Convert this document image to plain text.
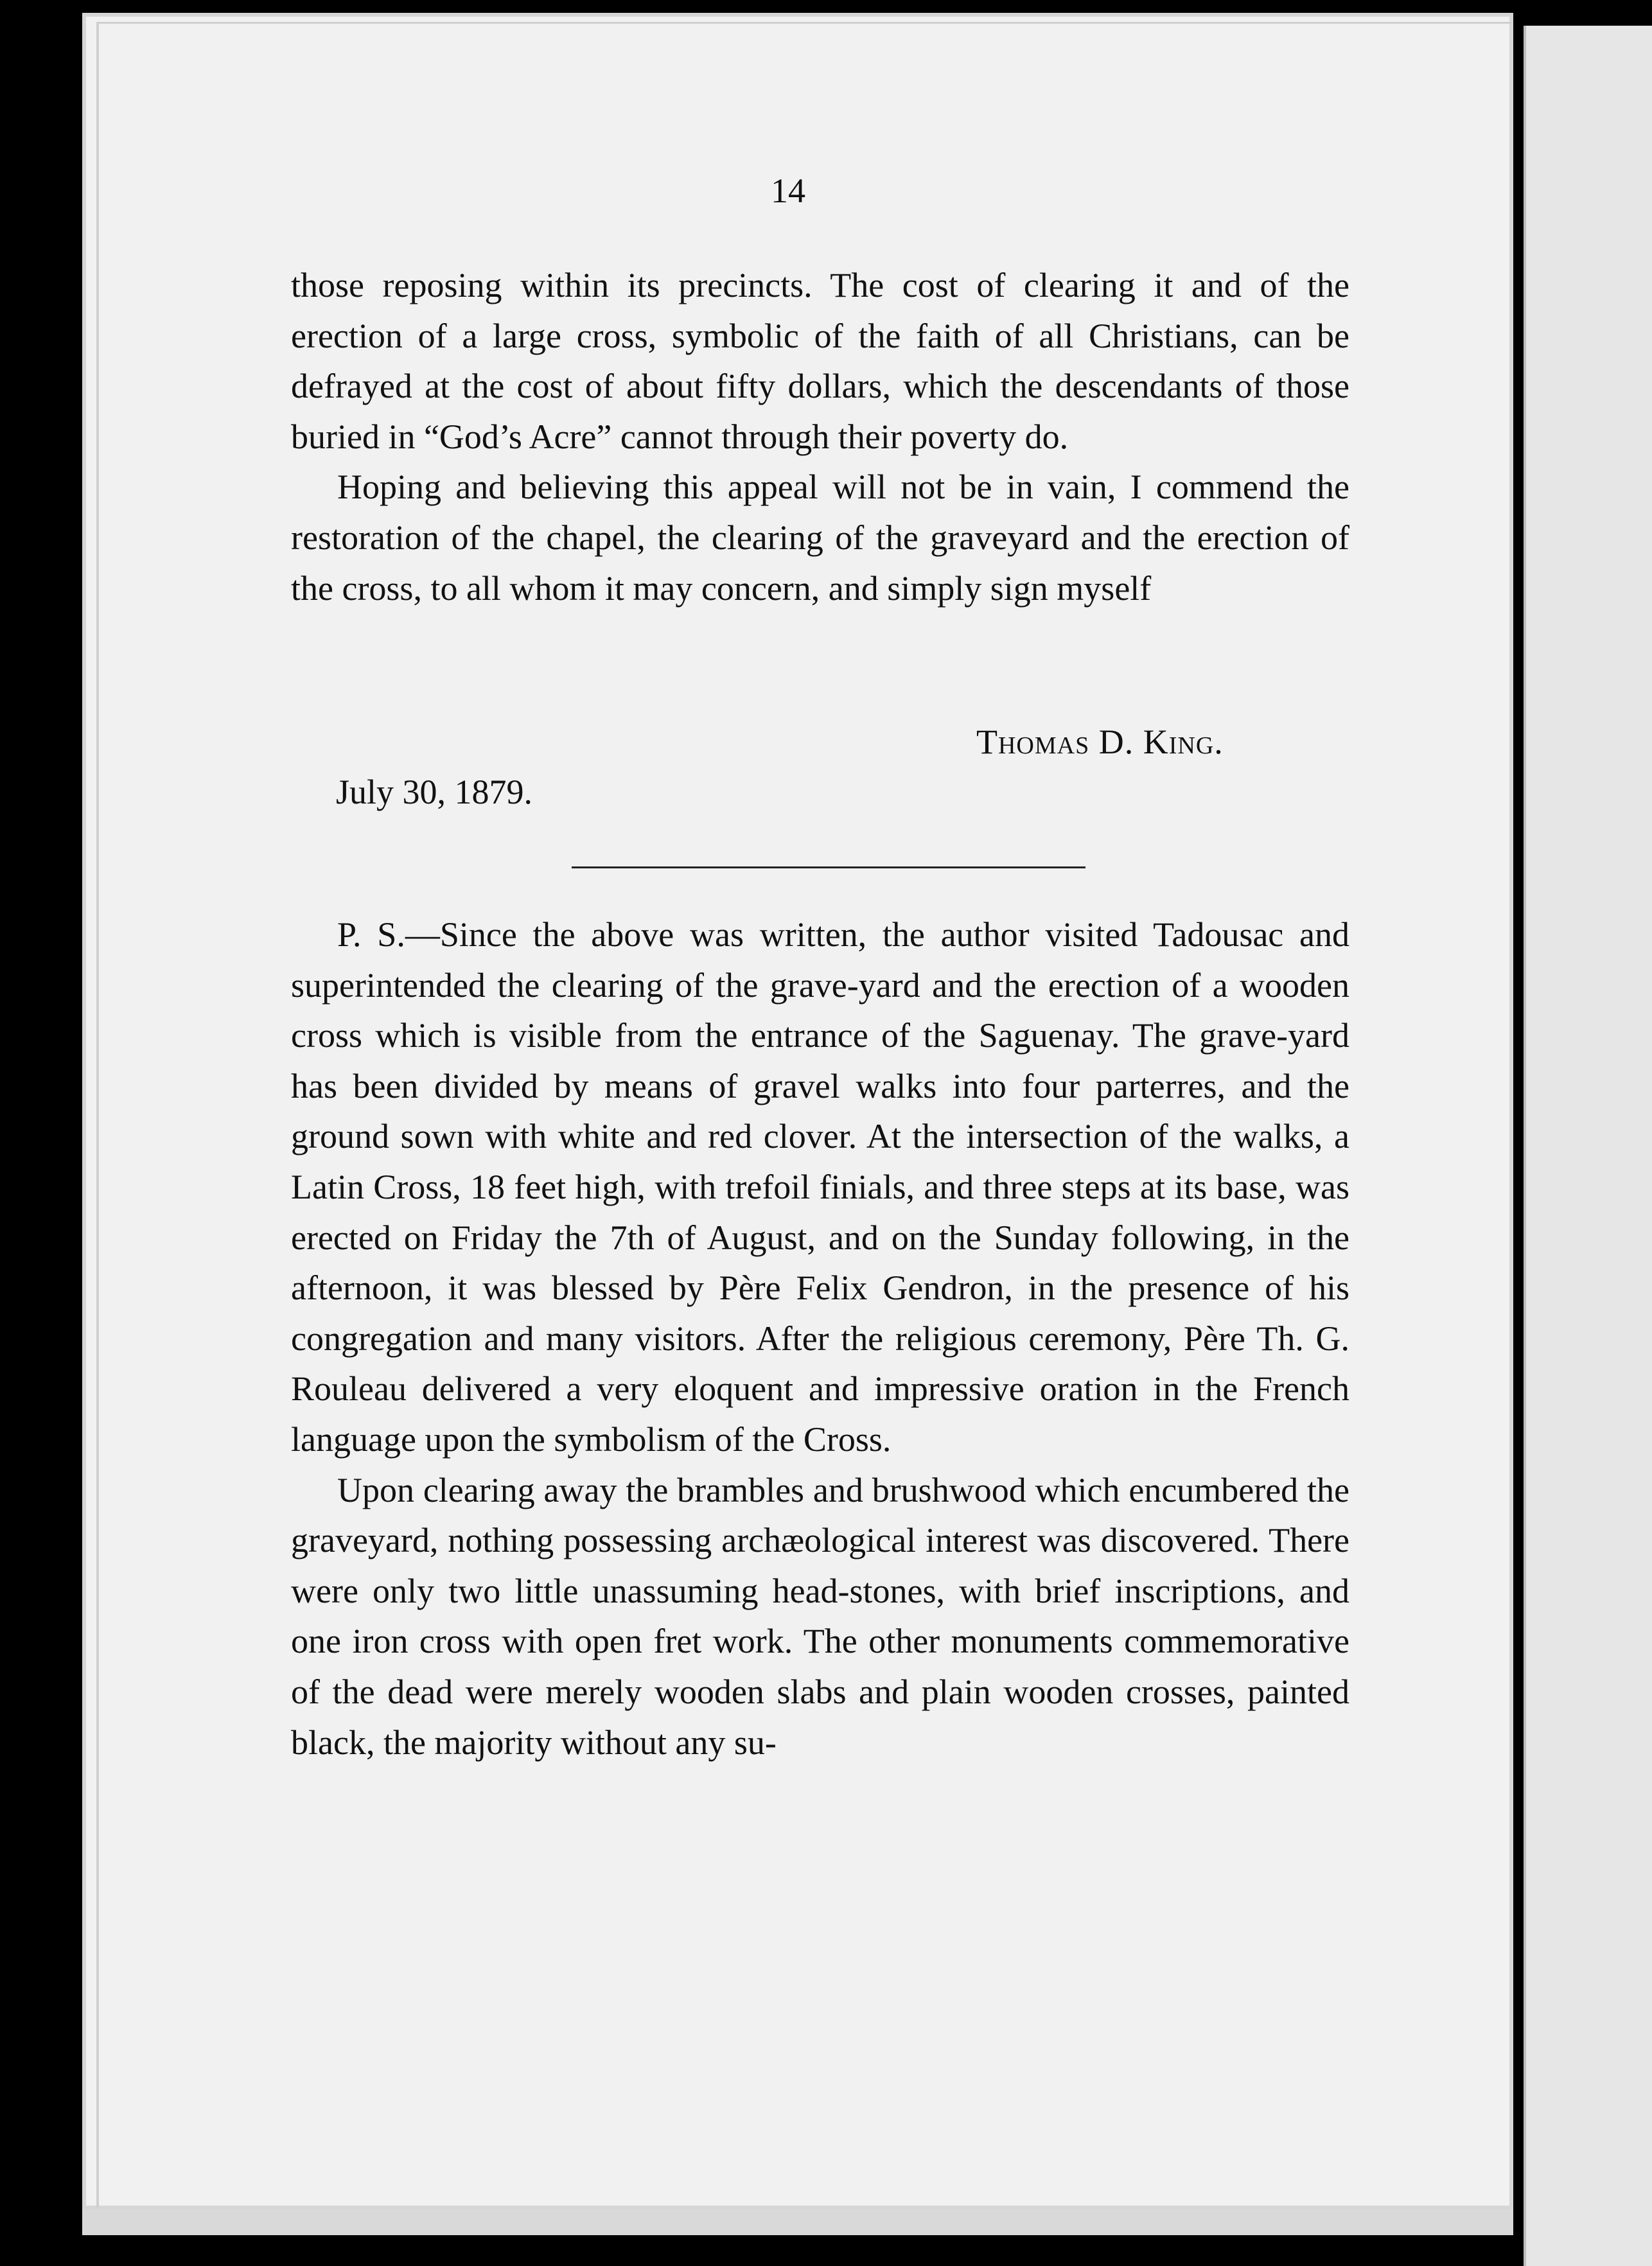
14

those reposing within its precincts. The cost of clearing it and of the erection of a large cross, symbolic of the faith of all Christians, can be defrayed at the cost of about fifty dollars, which the descendants of those buried in “God’s Acre” cannot through their poverty do.

Hoping and believing this appeal will not be in vain, I commend the restoration of the chapel, the clearing of the graveyard and the erection of the cross, to all whom it may concern, and simply sign myself

Thomas D. King.
July 30, 1879.

P. S.—Since the above was written, the author visited Tadousac and superintended the clearing of the grave-yard and the erection of a wooden cross which is visible from the entrance of the Saguenay. The grave-yard has been divided by means of gravel walks into four parterres, and the ground sown with white and red clover. At the intersection of the walks, a Latin Cross, 18 feet high, with trefoil finials, and three steps at its base, was erected on Friday the 7th of August, and on the Sunday following, in the afternoon, it was blessed by Père Felix Gendron, in the presence of his congregation and many visitors. After the religious ceremony, Père Th. G. Rouleau delivered a very eloquent and impressive oration in the French language upon the symbolism of the Cross.

Upon clearing away the brambles and brushwood which encumbered the graveyard, nothing possessing archæological interest was discovered. There were only two little unassuming head-stones, with brief inscriptions, and one iron cross with open fret work. The other monuments commemorative of the dead were merely wooden slabs and plain wooden crosses, painted black, the majority without any su-
